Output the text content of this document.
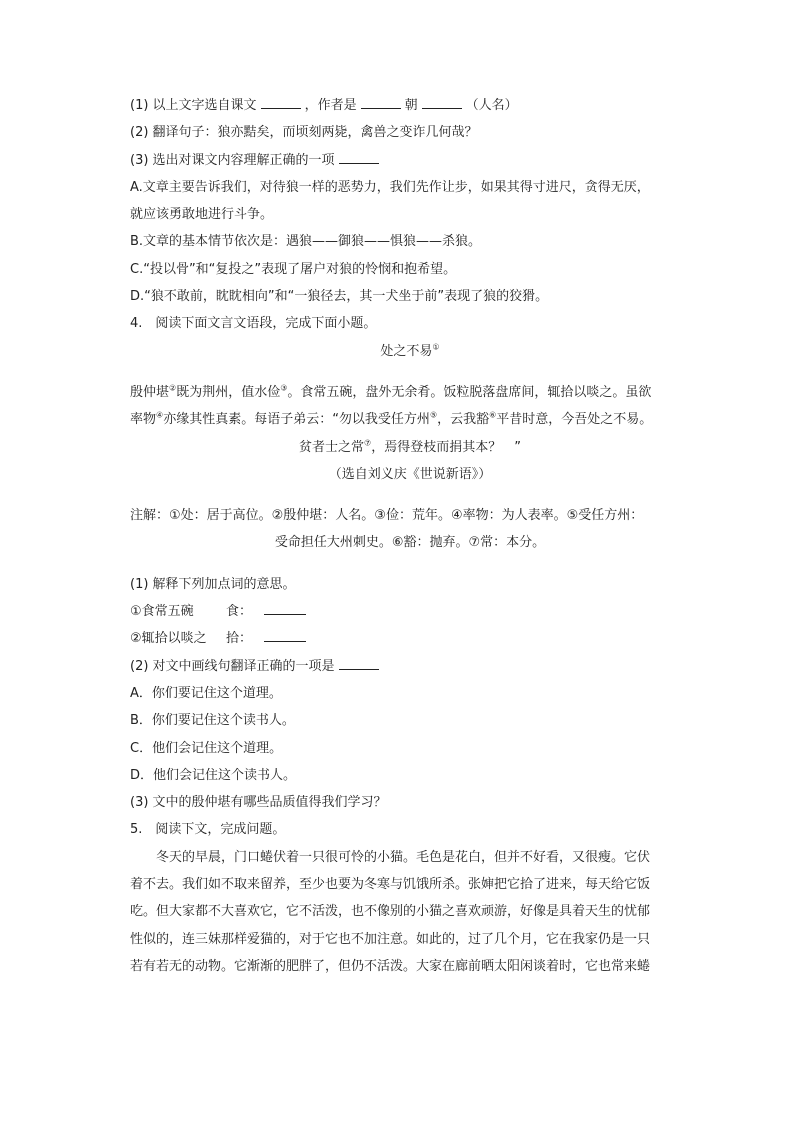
(1) 以上文字选自课文	，作者是	朝	（人名）
(2) 翻译句子：狼亦黠矣，而顷刻两毙，禽兽之变诈几何哉？
(3) 选出对课文内容理解正确的一项
A.文章主要告诉我们，对待狼一样的恶势力，我们先作让步，如果其得寸进尺，贪得无厌，
就应该勇敢地进行斗争。
B.文章的基本情节依次是：遇狼——御狼——惧狼——杀狼。
C.“投以骨”和“复投之”表现了屠户对狼的怜悯和抱希望。
D.“狼不敢前，眈眈相向”和“一狼径去，其一犬坐于前”表现了狼的狡猾。
4.　阅读下面文言文语段，完成下面小题。
处之不易①
殷仲堪②既为荆州，值水俭③。食常五碗，盘外无余肴。饭粒脱落盘席间，辄拾以啖之。虽欲
率物④亦缘其性真素。每语子弟云：“勿以我受任方州⑤，云我豁⑥平昔时意，今吾处之不易。
贫者士之常⑦，焉得登枝而捐其本？　”
（选自刘义庆《世说新语》）
注解：①处：居于高位。②殷仲堪：人名。③俭：荒年。④率物：为人表率。⑤受任方州：
受命担任大州刺史。⑥豁：抛弃。⑦常：本分。
(1) 解释下列加点词的意思。
①食常五碗 食：
②辄拾以啖之 拾：
(2) 对文中画线句翻译正确的一项是
A．你们要记住这个道理。
B．你们要记住这个读书人。
C．他们会记住这个道理。
D．他们会记住这个读书人。
(3) 文中的殷仲堪有哪些品质值得我们学习？
5.　阅读下文，完成问题。
冬天的早晨，门口蜷伏着一只很可怜的小猫。毛色是花白，但并不好看，又很瘦。它伏
着不去。我们如不取来留养，至少也要为冬寒与饥饿所杀。张婶把它拾了进来，每天给它饭
吃。但大家都不大喜欢它，它不活泼，也不像别的小猫之喜欢顽游，好像是具着天生的忧郁
性似的，连三妹那样爱猫的，对于它也不加注意。如此的，过了几个月，它在我家仍是一只
若有若无的动物。它渐渐的肥胖了，但仍不活泼。大家在廊前晒太阳闲谈着时，它也常来蜷
